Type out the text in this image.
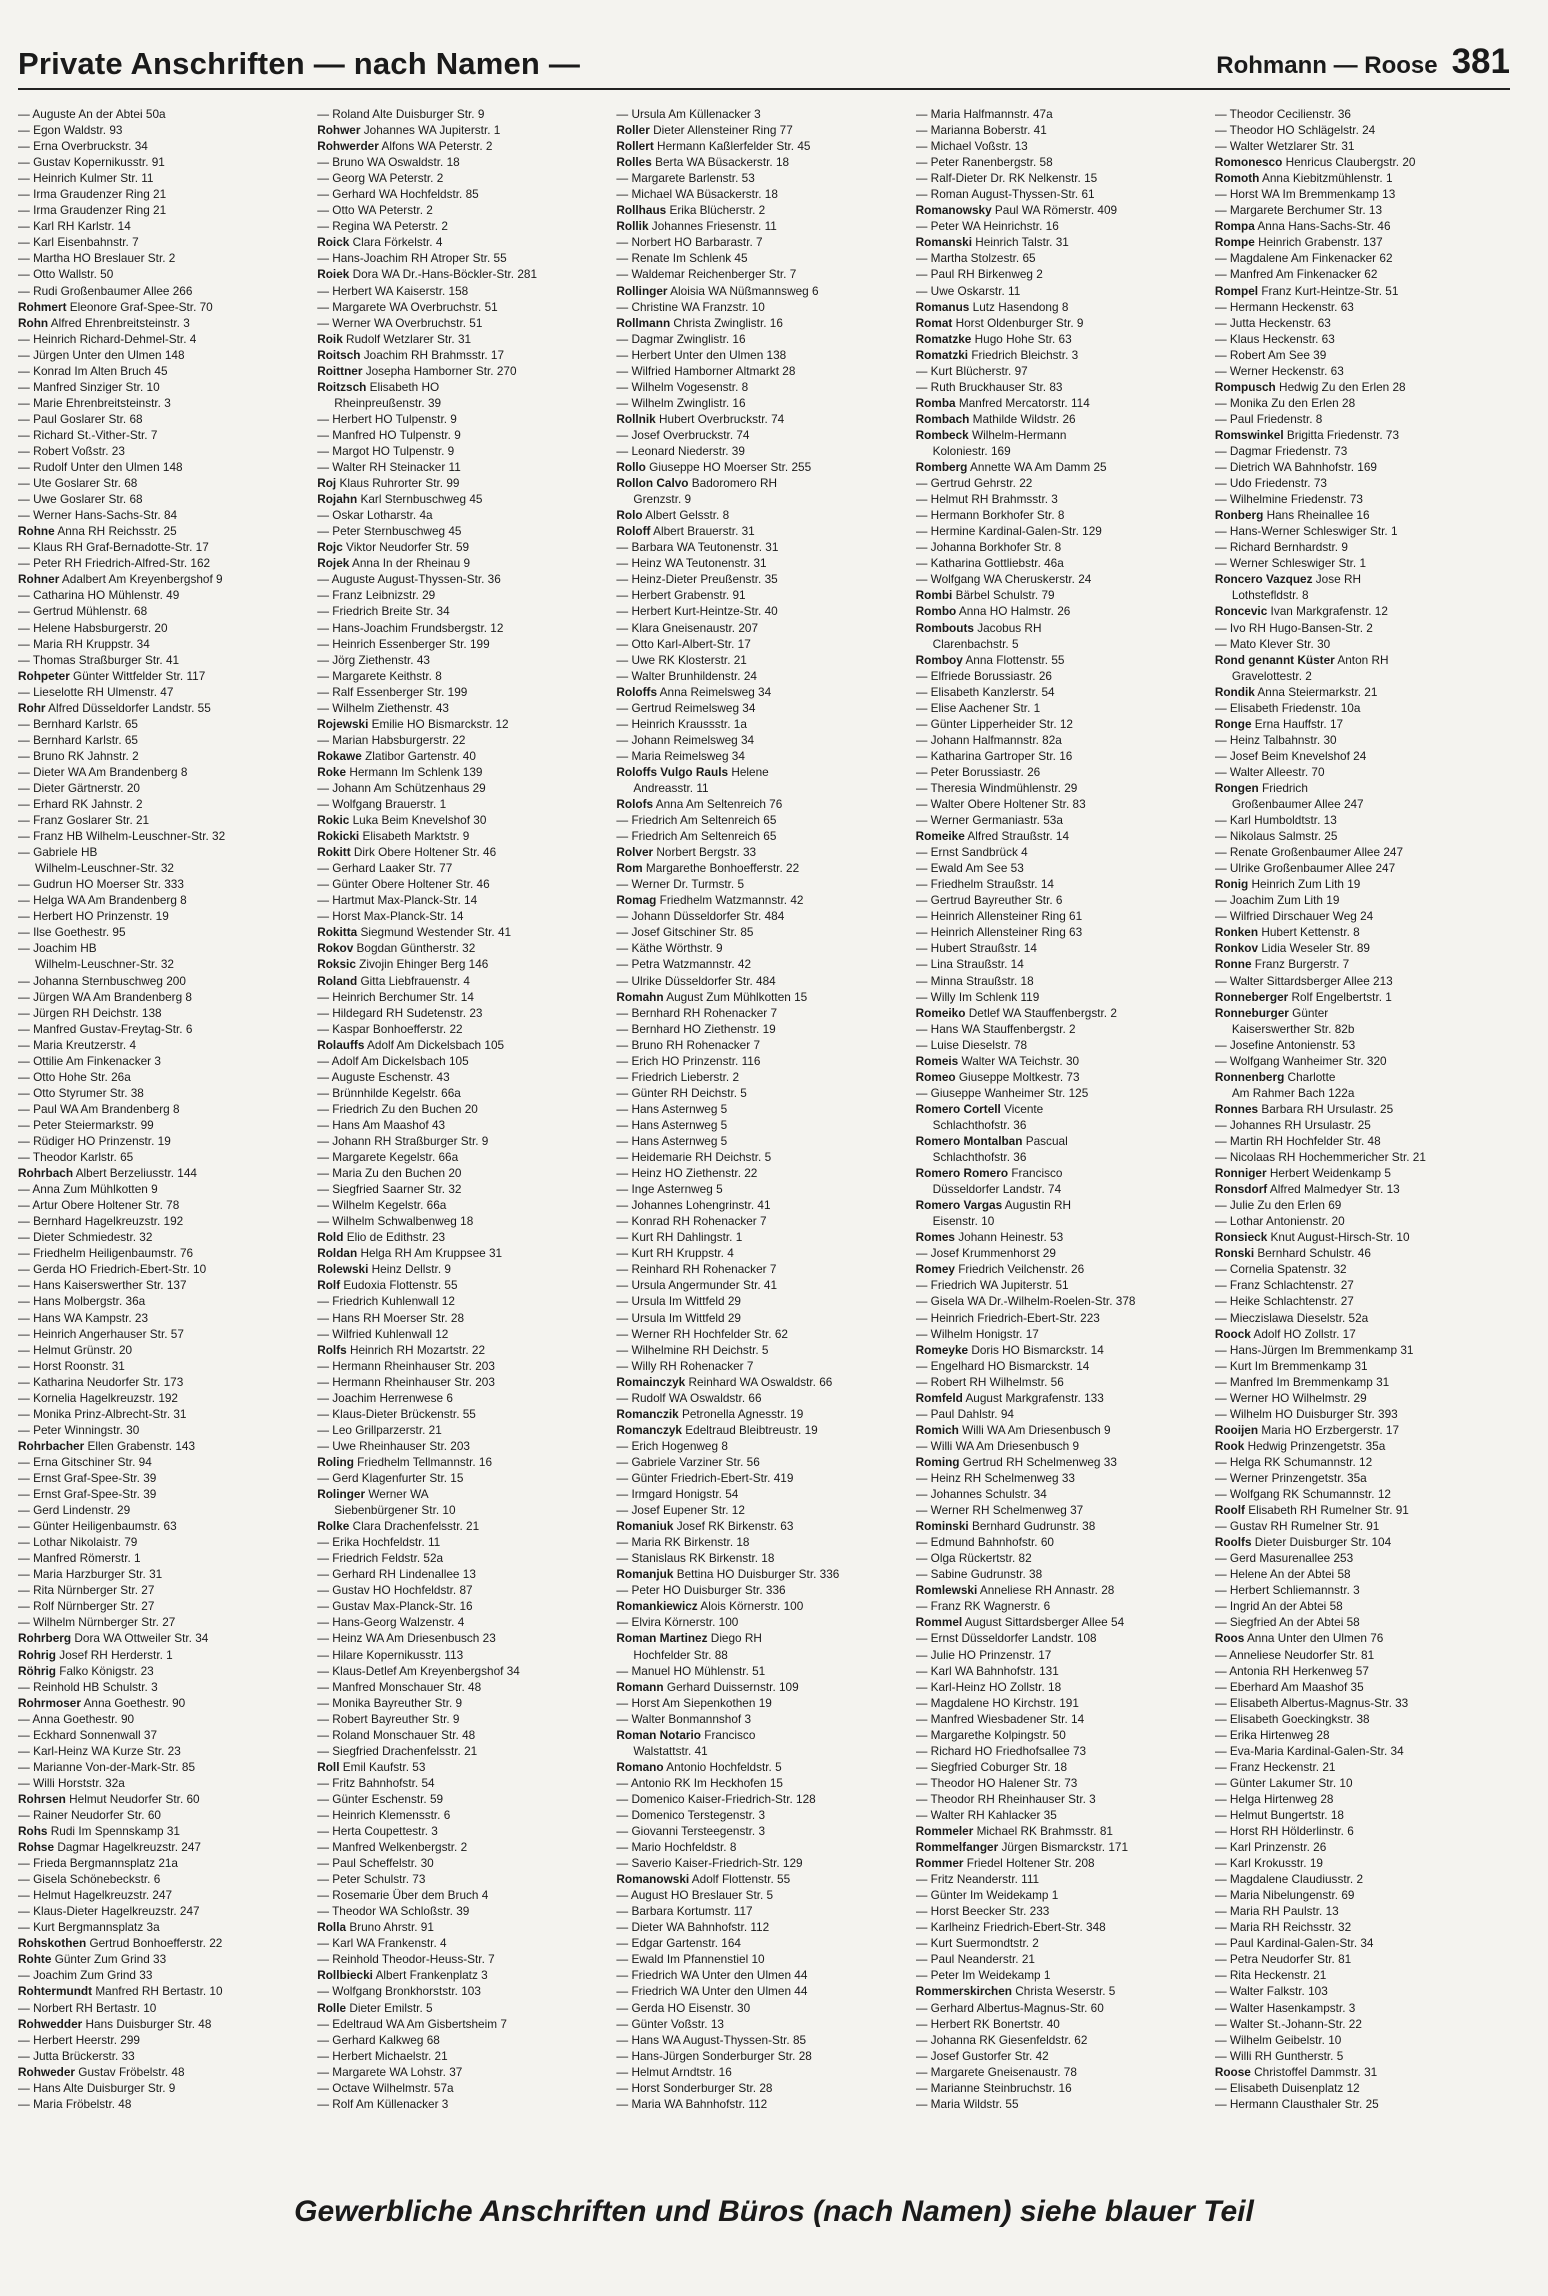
Private Anschriften — nach Namen —	Rohmann — Roose 381
— Auguste An der Abtei 50a
— Egon Waldstr. 93
— Erna Overbruckstr. 34
— Gustav Kopernikusstr. 91
— Heinrich Kulmer Str. 11
— Irma Graudenzer Ring 21
— Irma Graudenzer Ring 21
— Karl RH Karlstr. 14
— Karl Eisenbahnstr. 7
— Martha HO Breslauer Str. 2
— Otto Wallstr. 50
— Rudi Großenbaumer Allee 266
Rohmert Eleonore Graf-Spee-Str. 70
Rohn Alfred Ehrenbreitsteinstr. 3
— Heinrich Richard-Dehmel-Str. 4
— Jürgen Unter den Ulmen 148
— Konrad Im Alten Bruch 45
— Manfred Sinziger Str. 10
— Marie Ehrenbreitsteinstr. 3
— Paul Goslarer Str. 68
— Richard St.-Vither-Str. 7
— Robert Voßstr. 23
— Rudolf Unter den Ulmen 148
— Ute Goslarer Str. 68
— Uwe Goslarer Str. 68
— Werner Hans-Sachs-Str. 84
Rohne Anna RH Reichsstr. 25
— Klaus RH Graf-Bernadotte-Str. 17
— Peter RH Friedrich-Alfred-Str. 162
Rohner Adalbert Am Kreyenbergshof 9
— Catharina HO Mühlenstr. 49
— Gertrud Mühlenstr. 68
— Helene Habsburgerstr. 20
— Maria RH Kruppstr. 34
— Thomas Straßburger Str. 41
Rohpeter Günter Wittfelder Str. 117
— Lieselotte RH Ulmenstr. 47
Rohr Alfred Düsseldorfer Landstr. 55
— Bernhard Karlstr. 65
— Bernhard Karlstr. 65
— Bruno RK Jahnstr. 2
— Dieter WA Am Brandenberg 8
— Dieter Gärtnerstr. 20
— Erhard RK Jahnstr. 2
— Franz Goslarer Str. 21
— Franz HB Wilhelm-Leuschner-Str. 32
— Gabriele HB
Wilhelm-Leuschner-Str. 32
— Gudrun HO Moerser Str. 333
— Helga WA Am Brandenberg 8
— Herbert HO Prinzenstr. 19
— Ilse Goethestr. 95
— Joachim HB
Wilhelm-Leuschner-Str. 32
— Johanna Sternbuschweg 200
— Jürgen WA Am Brandenberg 8
— Jürgen RH Deichstr. 138
— Manfred Gustav-Freytag-Str. 6
— Maria Kreutzerstr. 4
— Ottilie Am Finkenacker 3
— Otto Hohe Str. 26a
— Otto Styrumer Str. 38
— Paul WA Am Brandenberg 8
— Peter Steiermarkstr. 99
— Rüdiger HO Prinzenstr. 19
— Theodor Karlstr. 65
Rohrbach Albert Berzeliusstr. 144
— Anna Zum Mühlkotten 9
— Artur Obere Holtener Str. 78
— Bernhard Hagelkreuzstr. 192
— Dieter Schmiedestr. 32
— Friedhelm Heiligenbaumstr. 76
— Gerda HO Friedrich-Ebert-Str. 10
— Hans Kaiserswerther Str. 137
— Hans Molbergstr. 36a
— Hans WA Kampstr. 23
— Heinrich Angerhauser Str. 57
— Helmut Grünstr. 20
— Horst Roonstr. 31
— Katharina Neudorfer Str. 173
— Kornelia Hagelkreuzstr. 192
— Monika Prinz-Albrecht-Str. 31
— Peter Winningstr. 30
Rohrbacher Ellen Grabenstr. 143
— Erna Gitschiner Str. 94
— Ernst Graf-Spee-Str. 39
— Ernst Graf-Spee-Str. 39
— Gerd Lindenstr. 29
— Günter Heiligenbaumstr. 63
— Lothar Nikolaistr. 79
— Manfred Römerstr. 1
— Maria Harzburger Str. 31
— Rita Nürnberger Str. 27
— Rolf Nürnberger Str. 27
— Wilhelm Nürnberger Str. 27
Rohrberg Dora WA Ottweiler Str. 34
Rohrig Josef RH Herderstr. 1
Röhrig Falko Königstr. 23
— Reinhold HB Schulstr. 3
Rohrmoser Anna Goethestr. 90
— Anna Goethestr. 90
— Eckhard Sonnenwall 37
— Karl-Heinz WA Kurze Str. 23
— Marianne Von-der-Mark-Str. 85
— Willi Horststr. 32a
Rohrsen Helmut Neudorfer Str. 60
— Rainer Neudorfer Str. 60
Rohs Rudi Im Spennskamp 31
Rohse Dagmar Hagelkreuzstr. 247
— Frieda Bergmannsplatz 21a
— Gisela Schönebeckstr. 6
— Helmut Hagelkreuzstr. 247
— Klaus-Dieter Hagelkreuzstr. 247
— Kurt Bergmannsplatz 3a
Rohskothen Gertrud Bonhoefferstr. 22
Rohte Günter Zum Grind 33
— Joachim Zum Grind 33
Rohtermundt Manfred RH Bertastr. 10
— Norbert RH Bertastr. 10
Rohwedder Hans Duisburger Str. 48
— Herbert Heerstr. 299
— Jutta Brückerstr. 33
Rohweder Gustav Fröbelstr. 48
— Hans Alte Duisburger Str. 9
— Maria Fröbelstr. 48
— Roland Alte Duisburger Str. 9
Rohwer Johannes WA Jupiterstr. 1
Rohwerder Alfons WA Peterstr. 2
— Bruno WA Oswaldstr. 18
— Georg WA Peterstr. 2
— Gerhard WA Hochfeldstr. 85
— Otto WA Peterstr. 2
— Regina WA Peterstr. 2
Roick Clara Förkelstr. 4
— Hans-Joachim RH Atroper Str. 55
Roiek Dora WA Dr.-Hans-Böckler-Str. 281
— Herbert WA Kaiserstr. 158
— Margarete WA Overbruchstr. 51
— Werner WA Overbruchstr. 51
Roik Rudolf Wetzlarer Str. 31
Roitsch Joachim RH Brahmsstr. 17
Roittner Josepha Hamborner Str. 270
Roitzsch Elisabeth HO
Rheinpreußenstr. 39
— Herbert HO Tulpenstr. 9
— Manfred HO Tulpenstr. 9
— Margot HO Tulpenstr. 9
— Walter RH Steinacker 11
Roj Klaus Ruhrorter Str. 99
Rojahn Karl Sternbuschweg 45
— Oskar Lotharstr. 4a
— Peter Sternbuschweg 45
Rojc Viktor Neudorfer Str. 59
Rojek Anna In der Rheinau 9
— Auguste August-Thyssen-Str. 36
— Franz Leibnizstr. 29
— Friedrich Breite Str. 34
— Hans-Joachim Frundsbergstr. 12
— Heinrich Essenberger Str. 199
— Jörg Ziethenstr. 43
— Margarete Keithstr. 8
— Ralf Essenberger Str. 199
— Wilhelm Ziethenstr. 43
Rojewski Emilie HO Bismarckstr. 12
— Marian Habsburgerstr. 22
Rokawe Zlatibor Gartenstr. 40
Roke Hermann Im Schlenk 139
— Johann Am Schützenhaus 29
— Wolfgang Brauerstr. 1
Rokic Luka Beim Knevelshof 30
Rokicki Elisabeth Marktstr. 9
Rokitt Dirk Obere Holtener Str. 46
— Gerhard Laaker Str. 77
— Günter Obere Holtener Str. 46
— Hartmut Max-Planck-Str. 14
— Horst Max-Planck-Str. 14
Rokitta Siegmund Westender Str. 41
Rokov Bogdan Güntherstr. 32
Roksic Zivojin Ehinger Berg 146
Roland Gitta Liebfrauenstr. 4
— Heinrich Berchumer Str. 14
— Hildegard RH Sudetenstr. 23
— Kaspar Bonhoefferstr. 22
Rolauffs Adolf Am Dickelsbach 105
— Adolf Am Dickelsbach 105
— Auguste Eschenstr. 43
— Brünnhilde Kegelstr. 66a
— Friedrich Zu den Buchen 20
— Hans Am Maashof 43
— Johann RH Straßburger Str. 9
— Margarete Kegelstr. 66a
— Maria Zu den Buchen 20
— Siegfried Saarner Str. 32
— Wilhelm Kegelstr. 66a
— Wilhelm Schwalbenweg 18
Rold Elio de Edithstr. 23
Roldan Helga RH Am Kruppsee 31
Rolewski Heinz Dellstr. 9
Rolf Eudoxia Flottenstr. 55
— Friedrich Kuhlenwall 12
— Hans RH Moerser Str. 28
— Wilfried Kuhlenwall 12
Rolfs Heinrich RH Mozartstr. 22
— Hermann Rheinhauser Str. 203
— Hermann Rheinhauser Str. 203
— Joachim Herrenwese 6
— Klaus-Dieter Brückenstr. 55
— Leo Grillparzerstr. 21
— Uwe Rheinhauser Str. 203
Roling Friedhelm Tellmannstr. 16
— Gerd Klagenfurter Str. 15
Rolinger Werner WA
Siebenbürgener Str. 10
Rolke Clara Drachenfelsstr. 21
— Erika Hochfeldstr. 11
— Friedrich Feldstr. 52a
— Gerhard RH Lindenallee 13
— Gustav HO Hochfeldstr. 87
— Gustav Max-Planck-Str. 16
— Hans-Georg Walzenstr. 4
— Heinz WA Am Driesenbusch 23
— Hilare Kopernikusstr. 113
— Klaus-Detlef Am Kreyenbergshof 34
— Manfred Monschauer Str. 48
— Monika Bayreuther Str. 9
— Robert Bayreuther Str. 9
— Roland Monschauer Str. 48
— Siegfried Drachenfelsstr. 21
Roll Emil Kaufstr. 53
— Fritz Bahnhofstr. 54
— Günter Eschenstr. 59
— Heinrich Klemensstr. 6
— Herta Coupettestr. 3
— Manfred Welkenbergstr. 2
— Paul Scheffelstr. 30
— Peter Schulstr. 73
— Rosemarie Über dem Bruch 4
— Theodor WA Schloßstr. 39
Rolla Bruno Ahrstr. 91
— Karl WA Frankenstr. 4
— Reinhold Theodor-Heuss-Str. 7
Rollbiecki Albert Frankenplatz 3
— Wolfgang Bronkhorststr. 103
Rolle Dieter Emilstr. 5
— Edeltraud WA Am Gisbertsheim 7
— Gerhard Kalkweg 68
— Herbert Michaelstr. 21
— Margarete WA Lohstr. 37
— Octave Wilhelmstr. 57a
— Rolf Am Küllenacker 3
— Ursula Am Küllenacker 3
Roller Dieter Allensteiner Ring 77
Rollert Hermann Kaßlerfelder Str. 45
Rolles Berta WA Büsackerstr. 18
— Margarete Barlenstr. 53
— Michael WA Büsackerstr. 18
Rollhaus Erika Blücherstr. 2
Rollik Johannes Friesenstr. 11
— Norbert HO Barbarastr. 7
— Renate Im Schlenk 45
— Waldemar Reichenberger Str. 7
Rollinger Aloisia WA Nüßmannsweg 6
— Christine WA Franzstr. 10
Rollmann Christa Zwinglistr. 16
— Dagmar Zwinglistr. 16
— Herbert Unter den Ulmen 138
— Wilfried Hamborner Altmarkt 28
— Wilhelm Vogesenstr. 8
— Wilhelm Zwinglistr. 16
Rollnik Hubert Overbruckstr. 74
— Josef Overbruckstr. 74
— Leonard Niederstr. 39
Rollo Giuseppe HO Moerser Str. 255
Rollon Calvo Badoromero RH
Grenzstr. 9
Rolo Albert Gelsstr. 8
Roloff Albert Brauerstr. 31
— Barbara WA Teutonenstr. 31
— Heinz WA Teutonenstr. 31
— Heinz-Dieter Preußenstr. 35
— Herbert Grabenstr. 91
— Herbert Kurt-Heintze-Str. 40
— Klara Gneisenaustr. 207
— Otto Karl-Albert-Str. 17
— Uwe RK Klosterstr. 21
— Walter Brunhildenstr. 24
Roloffs Anna Reimelsweg 34
— Gertrud Reimelsweg 34
— Heinrich Kraussstr. 1a
— Johann Reimelsweg 34
— Maria Reimelsweg 34
Roloffs Vulgo Rauls Helene
Andreasstr. 11
Rolofs Anna Am Seltenreich 76
— Friedrich Am Seltenreich 65
— Friedrich Am Seltenreich 65
Rolver Norbert Bergstr. 33
Rom Margarethe Bonhoefferstr. 22
— Werner Dr. Turmstr. 5
Romag Friedhelm Watzmannstr. 42
— Johann Düsseldorfer Str. 484
— Josef Gitschiner Str. 85
— Käthe Wörthstr. 9
— Petra Watzmannstr. 42
— Ulrike Düsseldorfer Str. 484
Romahn August Zum Mühlkotten 15
— Bernhard RH Rohenacker 7
— Bernhard HO Ziethenstr. 19
— Bruno RH Rohenacker 7
— Erich HO Prinzenstr. 116
— Friedrich Lieberstr. 2
— Günter RH Deichstr. 5
— Hans Asternweg 5
— Hans Asternweg 5
— Hans Asternweg 5
— Heidemarie RH Deichstr. 5
— Heinz HO Ziethenstr. 22
— Inge Asternweg 5
— Johannes Lohengrinstr. 41
— Konrad RH Rohenacker 7
— Kurt RH Dahlingstr. 1
— Kurt RH Kruppstr. 4
— Reinhard RH Rohenacker 7
— Ursula Angermunder Str. 41
— Ursula Im Wittfeld 29
— Ursula Im Wittfeld 29
— Werner RH Hochfelder Str. 62
— Wilhelmine RH Deichstr. 5
— Willy RH Rohenacker 7
Romainczyk Reinhard WA Oswaldstr. 66
— Rudolf WA Oswaldstr. 66
Romanczik Petronella Agnesstr. 19
Romanczyk Edeltraud Bleibtreustr. 19
— Erich Hogenweg 8
— Gabriele Varziner Str. 56
— Günter Friedrich-Ebert-Str. 419
— Irmgard Honigstr. 54
— Josef Eupener Str. 12
Romaniuk Josef RK Birkenstr. 63
— Maria RK Birkenstr. 18
— Stanislaus RK Birkenstr. 18
Romanjuk Bettina HO Duisburger Str. 336
— Peter HO Duisburger Str. 336
Romankiewicz Alois Körnerstr. 100
— Elvira Körnerstr. 100
Roman Martinez Diego RH
Hochfelder Str. 88
— Manuel HO Mühlenstr. 51
Romann Gerhard Duissernstr. 109
— Horst Am Siepenkothen 19
— Walter Bonmannshof 3
Roman Notario Francisco
Walstattstr. 41
Romano Antonio Hochfeldstr. 5
— Antonio RK Im Heckhofen 15
— Domenico Kaiser-Friedrich-Str. 128
— Domenico Terstegenstr. 3
— Giovanni Tersteegenstr. 3
— Mario Hochfeldstr. 8
— Saverio Kaiser-Friedrich-Str. 129
Romanowski Adolf Flottenstr. 55
— August HO Breslauer Str. 5
— Barbara Kortumstr. 117
— Dieter WA Bahnhofstr. 112
— Edgar Gartenstr. 164
— Ewald Im Pfannenstiel 10
— Friedrich WA Unter den Ulmen 44
— Friedrich WA Unter den Ulmen 44
— Gerda HO Eisenstr. 30
— Günter Voßstr. 13
— Hans WA August-Thyssen-Str. 85
— Hans-Jürgen Sonderburger Str. 28
— Helmut Arndtstr. 16
— Horst Sonderburger Str. 28
— Maria WA Bahnhofstr. 112
— Maria Halfmannstr. 47a
— Marianna Boberstr. 41
— Michael Voßstr. 13
— Peter Ranenbergstr. 58
— Ralf-Dieter Dr. RK Nelkenstr. 15
— Roman August-Thyssen-Str. 61
Romanowsky Paul WA Römerstr. 409
— Peter WA Heinrichstr. 16
Romanski Heinrich Talstr. 31
— Martha Stolzestr. 65
— Paul RH Birkenweg 2
— Uwe Oskarstr. 11
Romanus Lutz Hasendong 8
Romat Horst Oldenburger Str. 9
Romatzke Hugo Hohe Str. 63
Romatzki Friedrich Bleichstr. 3
— Kurt Blücherstr. 97
— Ruth Bruckhauser Str. 83
Romba Manfred Mercatorstr. 114
Rombach Mathilde Wildstr. 26
Rombeck Wilhelm-Hermann
Koloniestr. 169
Romberg Annette WA Am Damm 25
— Gertrud Gehrstr. 22
— Helmut RH Brahmsstr. 3
— Hermann Borkhofer Str. 8
— Hermine Kardinal-Galen-Str. 129
— Johanna Borkhofer Str. 8
— Katharina Gottliebstr. 46a
— Wolfgang WA Cheruskerstr. 24
Rombi Bärbel Schulstr. 79
Rombo Anna HO Halmstr. 26
Rombouts Jacobus RH
Clarenbachstr. 5
Romboy Anna Flottenstr. 55
— Elfriede Borussiastr. 26
— Elisabeth Kanzlerstr. 54
— Elise Aachener Str. 1
— Günter Lipperheider Str. 12
— Johann Halfmannstr. 82a
— Katharina Gartroper Str. 16
— Peter Borussiastr. 26
— Theresia Windmühlenstr. 29
— Walter Obere Holtener Str. 83
— Werner Germaniastr. 53a
Romeike Alfred Straußstr. 14
— Ernst Sandbrück 4
— Ewald Am See 53
— Friedhelm Straußstr. 14
— Gertrud Bayreuther Str. 6
— Heinrich Allensteiner Ring 61
— Heinrich Allensteiner Ring 63
— Hubert Straußstr. 14
— Lina Straußstr. 14
— Minna Straußstr. 18
— Willy Im Schlenk 119
Romeiko Detlef WA Stauffenbergstr. 2
— Hans WA Stauffenbergstr. 2
— Luise Dieselstr. 78
Romeis Walter WA Teichstr. 30
Romeo Giuseppe Moltkestr. 73
— Giuseppe Wanheimer Str. 125
Romero Cortell Vicente
Schlachthofstr. 36
Romero Montalban Pascual
Schlachthofstr. 36
Romero Romero Francisco
Düsseldorfer Landstr. 74
Romero Vargas Augustin RH
Eisenstr. 10
Romes Johann Heinestr. 53
— Josef Krummenhorst 29
Romey Friedrich Veilchenstr. 26
— Friedrich WA Jupiterstr. 51
— Gisela WA Dr.-Wilhelm-Roelen-Str. 378
— Heinrich Friedrich-Ebert-Str. 223
— Wilhelm Honigstr. 17
Romeyke Doris HO Bismarckstr. 14
— Engelhard HO Bismarckstr. 14
— Robert RH Wilhelmstr. 56
Romfeld August Markgrafenstr. 133
— Paul Dahlstr. 94
Romich Willi WA Am Driesenbusch 9
— Willi WA Am Driesenbusch 9
Roming Gertrud RH Schelmenweg 33
— Heinz RH Schelmenweg 33
— Johannes Schulstr. 34
— Werner RH Schelmenweg 37
Rominski Bernhard Gudrunstr. 38
— Edmund Bahnhofstr. 60
— Olga Rückertstr. 82
— Sabine Gudrunstr. 38
Romlewski Anneliese RH Annastr. 28
— Franz RK Wagnerstr. 6
Rommel August Sittardsberger Allee 54
— Ernst Düsseldorfer Landstr. 108
— Julie HO Prinzenstr. 17
— Karl WA Bahnhofstr. 131
— Karl-Heinz HO Zollstr. 18
— Magdalene HO Kirchstr. 191
— Manfred Wiesbadener Str. 14
— Margarethe Kolpingstr. 50
— Richard HO Friedhofsallee 73
— Siegfried Coburger Str. 18
— Theodor HO Halener Str. 73
— Theodor RH Rheinhauser Str. 3
— Walter RH Kahlacker 35
Rommeler Michael RK Brahmsstr. 81
Rommelfanger Jürgen Bismarckstr. 171
Rommer Friedel Holtener Str. 208
— Fritz Neanderstr. 111
— Günter Im Weidekamp 1
— Horst Beecker Str. 233
— Karlheinz Friedrich-Ebert-Str. 348
— Kurt Suermondtstr. 2
— Paul Neanderstr. 21
— Peter Im Weidekamp 1
Rommerskirchen Christa Weserstr. 5
— Gerhard Albertus-Magnus-Str. 60
— Herbert RK Bonertstr. 40
— Johanna RK Giesenfeldstr. 62
— Josef Gustorfer Str. 42
— Margarete Gneisenaustr. 78
— Marianne Steinbruchstr. 16
— Maria Wildstr. 55
— Theodor Cecilienstr. 36
— Theodor HO Schlägelstr. 24
— Walter Wetzlarer Str. 31
Romonesco Henricus Claubergstr. 20
Romoth Anna Kiebitzmühlenstr. 1
— Horst WA Im Bremmenkamp 13
— Margarete Berchumer Str. 13
Rompa Anna Hans-Sachs-Str. 46
Rompe Heinrich Grabenstr. 137
— Magdalene Am Finkenacker 62
— Manfred Am Finkenacker 62
Rompel Franz Kurt-Heintze-Str. 51
— Hermann Heckenstr. 63
— Jutta Heckenstr. 63
— Klaus Heckenstr. 63
— Robert Am See 39
— Werner Heckenstr. 63
Rompusch Hedwig Zu den Erlen 28
— Monika Zu den Erlen 28
— Paul Friedenstr. 8
Romswinkel Brigitta Friedenstr. 73
— Dagmar Friedenstr. 73
— Dietrich WA Bahnhofstr. 169
— Udo Friedenstr. 73
— Wilhelmine Friedenstr. 73
Ronberg Hans Rheinallee 16
— Hans-Werner Schleswiger Str. 1
— Richard Bernhardstr. 9
— Werner Schleswiger Str. 1
Roncero Vazquez Jose RH
Lothstefldstr. 8
Roncevic Ivan Markgrafenstr. 12
— Ivo RH Hugo-Bansen-Str. 2
— Mato Klever Str. 30
Rond genannt Küster Anton RH
Gravelottestr. 2
Rondik Anna Steiermarkstr. 21
— Elisabeth Friedenstr. 10a
Ronge Erna Hauffstr. 17
— Heinz Talbahnstr. 30
— Josef Beim Knevelshof 24
— Walter Alleestr. 70
Rongen Friedrich
Großenbaumer Allee 247
— Karl Humboldtstr. 13
— Nikolaus Salmstr. 25
— Renate Großenbaumer Allee 247
— Ulrike Großenbaumer Allee 247
Ronig Heinrich Zum Lith 19
— Joachim Zum Lith 19
— Wilfried Dirschauer Weg 24
Ronken Hubert Kettenstr. 8
Ronkov Lidia Weseler Str. 89
Ronne Franz Burgerstr. 7
— Walter Sittardsberger Allee 213
Ronneberger Rolf Engelbertstr. 1
Ronneburger Günter
Kaiserswerther Str. 82b
— Josefine Antonienstr. 53
— Wolfgang Wanheimer Str. 320
Ronnenberg Charlotte
Am Rahmer Bach 122a
Ronnes Barbara RH Ursulastr. 25
— Johannes RH Ursulastr. 25
— Martin RH Hochfelder Str. 48
— Nicolaas RH Hochemmericher Str. 21
Ronniger Herbert Weidenkamp 5
Ronsdorf Alfred Malmedyer Str. 13
— Julie Zu den Erlen 69
— Lothar Antonienstr. 20
Ronsieck Knut August-Hirsch-Str. 10
Ronski Bernhard Schulstr. 46
— Cornelia Spatenstr. 32
— Franz Schlachtenstr. 27
— Heike Schlachtenstr. 27
— Mieczislawa Dieselstr. 52a
Roock Adolf HO Zollstr. 17
— Hans-Jürgen Im Bremmenkamp 31
— Kurt Im Bremmenkamp 31
— Manfred Im Bremmenkamp 31
— Werner HO Wilhelmstr. 29
— Wilhelm HO Duisburger Str. 393
Rooijen Maria HO Erzbergerstr. 17
Rook Hedwig Prinzengetstr. 35a
— Helga RK Schumannstr. 12
— Werner Prinzengetstr. 35a
— Wolfgang RK Schumannstr. 12
Roolf Elisabeth RH Rumelner Str. 91
— Gustav RH Rumelner Str. 91
Roolfs Dieter Duisburger Str. 104
— Gerd Masurenallee 253
— Helene An der Abtei 58
— Herbert Schliemannstr. 3
— Ingrid An der Abtei 58
— Siegfried An der Abtei 58
Roos Anna Unter den Ulmen 76
— Anneliese Neudorfer Str. 81
— Antonia RH Herkenweg 57
— Eberhard Am Maashof 35
— Elisabeth Albertus-Magnus-Str. 33
— Elisabeth Goeckingkstr. 38
— Erika Hirtenweg 28
— Eva-Maria Kardinal-Galen-Str. 34
— Franz Heckenstr. 21
— Günter Lakumer Str. 10
— Helga Hirtenweg 28
— Helmut Bungertstr. 18
— Horst RH Hölderlinstr. 6
— Karl Prinzenstr. 26
— Karl Krokusstr. 19
— Magdalene Claudiusstr. 2
— Maria Nibelungenstr. 69
— Maria RH Paulstr. 13
— Maria RH Reichsstr. 32
— Paul Kardinal-Galen-Str. 34
— Petra Neudorfer Str. 81
— Rita Heckenstr. 21
— Walter Falkstr. 103
— Walter Hasenkampstr. 3
— Walter St.-Johann-Str. 22
— Wilhelm Geibelstr. 10
— Willi RH Guntherstr. 5
Roose Christoffel Dammstr. 31
— Elisabeth Duisenplatz 12
— Hermann Clausthaler Str. 25
Gewerbliche Anschriften und Büros (nach Namen) siehe blauer Teil
